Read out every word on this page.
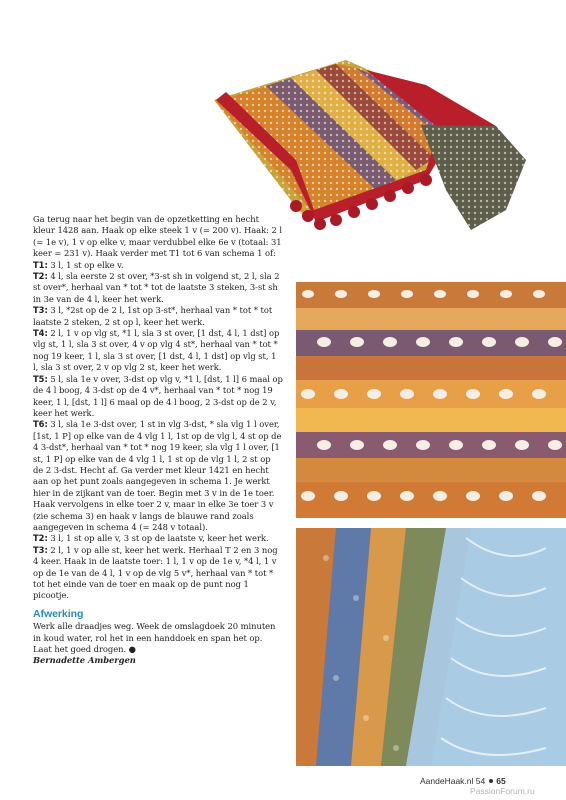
Ga terug naar het begin van de opzetketting en hecht kleur 1428 aan. Haak op elke steek 1 v (= 200 v). Haak: 2 l (= 1e v), 1 v op elke v, maar verdubbel elke 6e v (totaal: 31 keer = 231 v). Haak verder met T1 tot 6 van schema 1 of:

T1: 3 l, 1 st op elke v.

T2: 4 l, sla eerste 2 st over, *3-st sh in volgend st, 2 l, sla 2 st over*, herhaal van * tot * tot de laatste 3 steken, 3-st sh in 3e van de 4 l, keer het werk.

T3: 3 l, *2st op de 2 l, 1st op 3-st*, herhaal van * tot * tot laatste 2 steken, 2 st op l, keer het werk.

T4: 2 l, 1 v op vlg st, *1 l, sla 3 st over, [1 dst, 4 l, 1 dst] op vlg st, 1 l, sla 3 st over, 4 v op vlg 4 st*, herhaal van * tot * nog 19 keer, 1 l, sla 3 st over, [1 dst, 4 l, 1 dst] op vlg st, 1 l, sla 3 st over, 2 v op vlg 2 st, keer het werk.

T5: 5 l, sla 1e v over, 3-dst op vlg v, *1 l, [dst, 1 l] 6 maal op de 4 l boog, 4 3-dst op de 4 v*, herhaal van * tot * nog 19 keer, 1 l, [dst, 1 l] 6 maal op de 4 l boog, 2 3-dst op de 2 v, keer het werk.

T6: 3 l, sla 1e 3-dst over, 1 st in vlg 3-dst, * sla vlg 1 l over, [1st, 1 P] op elke van de 4 vlg 1 l, 1st op de vlg l, 4 st op de 4 3-dst*, herhaal van * tot * nog 19 keer, sla vlg 1 l over, [1 st, 1 P] op elke van de 4 vlg 1 l, 1 st op de vlg 1 l, 2 st op de 2 3-dst. Hecht af. Ga verder met kleur 1421 en hecht aan op het punt zoals aangegeven in schema 1. Je werkt hier in de zijkant van de toer. Begin met 3 v in de 1e toer. Haak vervolgens in elke toer 2 v, maar in elke 3e toer 3 v (zie schema 3) en haak v langs de blauwe rand zoals aangegeven in schema 4 (= 248 v totaal).

T2: 3 l, 1 st op alle v, 3 st op de laatste v, keer het werk.

T3: 2 l, 1 v op alle st, keer het werk. Herhaal T 2 en 3 nog 4 keer. Haak in de laatste toer: 1 l, 1 v op de 1e v, *4 l, 1 v op de 1e van de 4 l, 1 v op de vlg 5 v*, herhaal van * tot * tot het einde van de toer en maak op de punt nog 1 picootje.

Afwerking

Werk alle draadjes weg. Week de omslagdoek 20 minuten in koud water, rol het in een handdoek en span het op. Laat het goed drogen. ●

Bernadette Ambergen

AandeHaak.nl 54 65
PassionForum.ru
